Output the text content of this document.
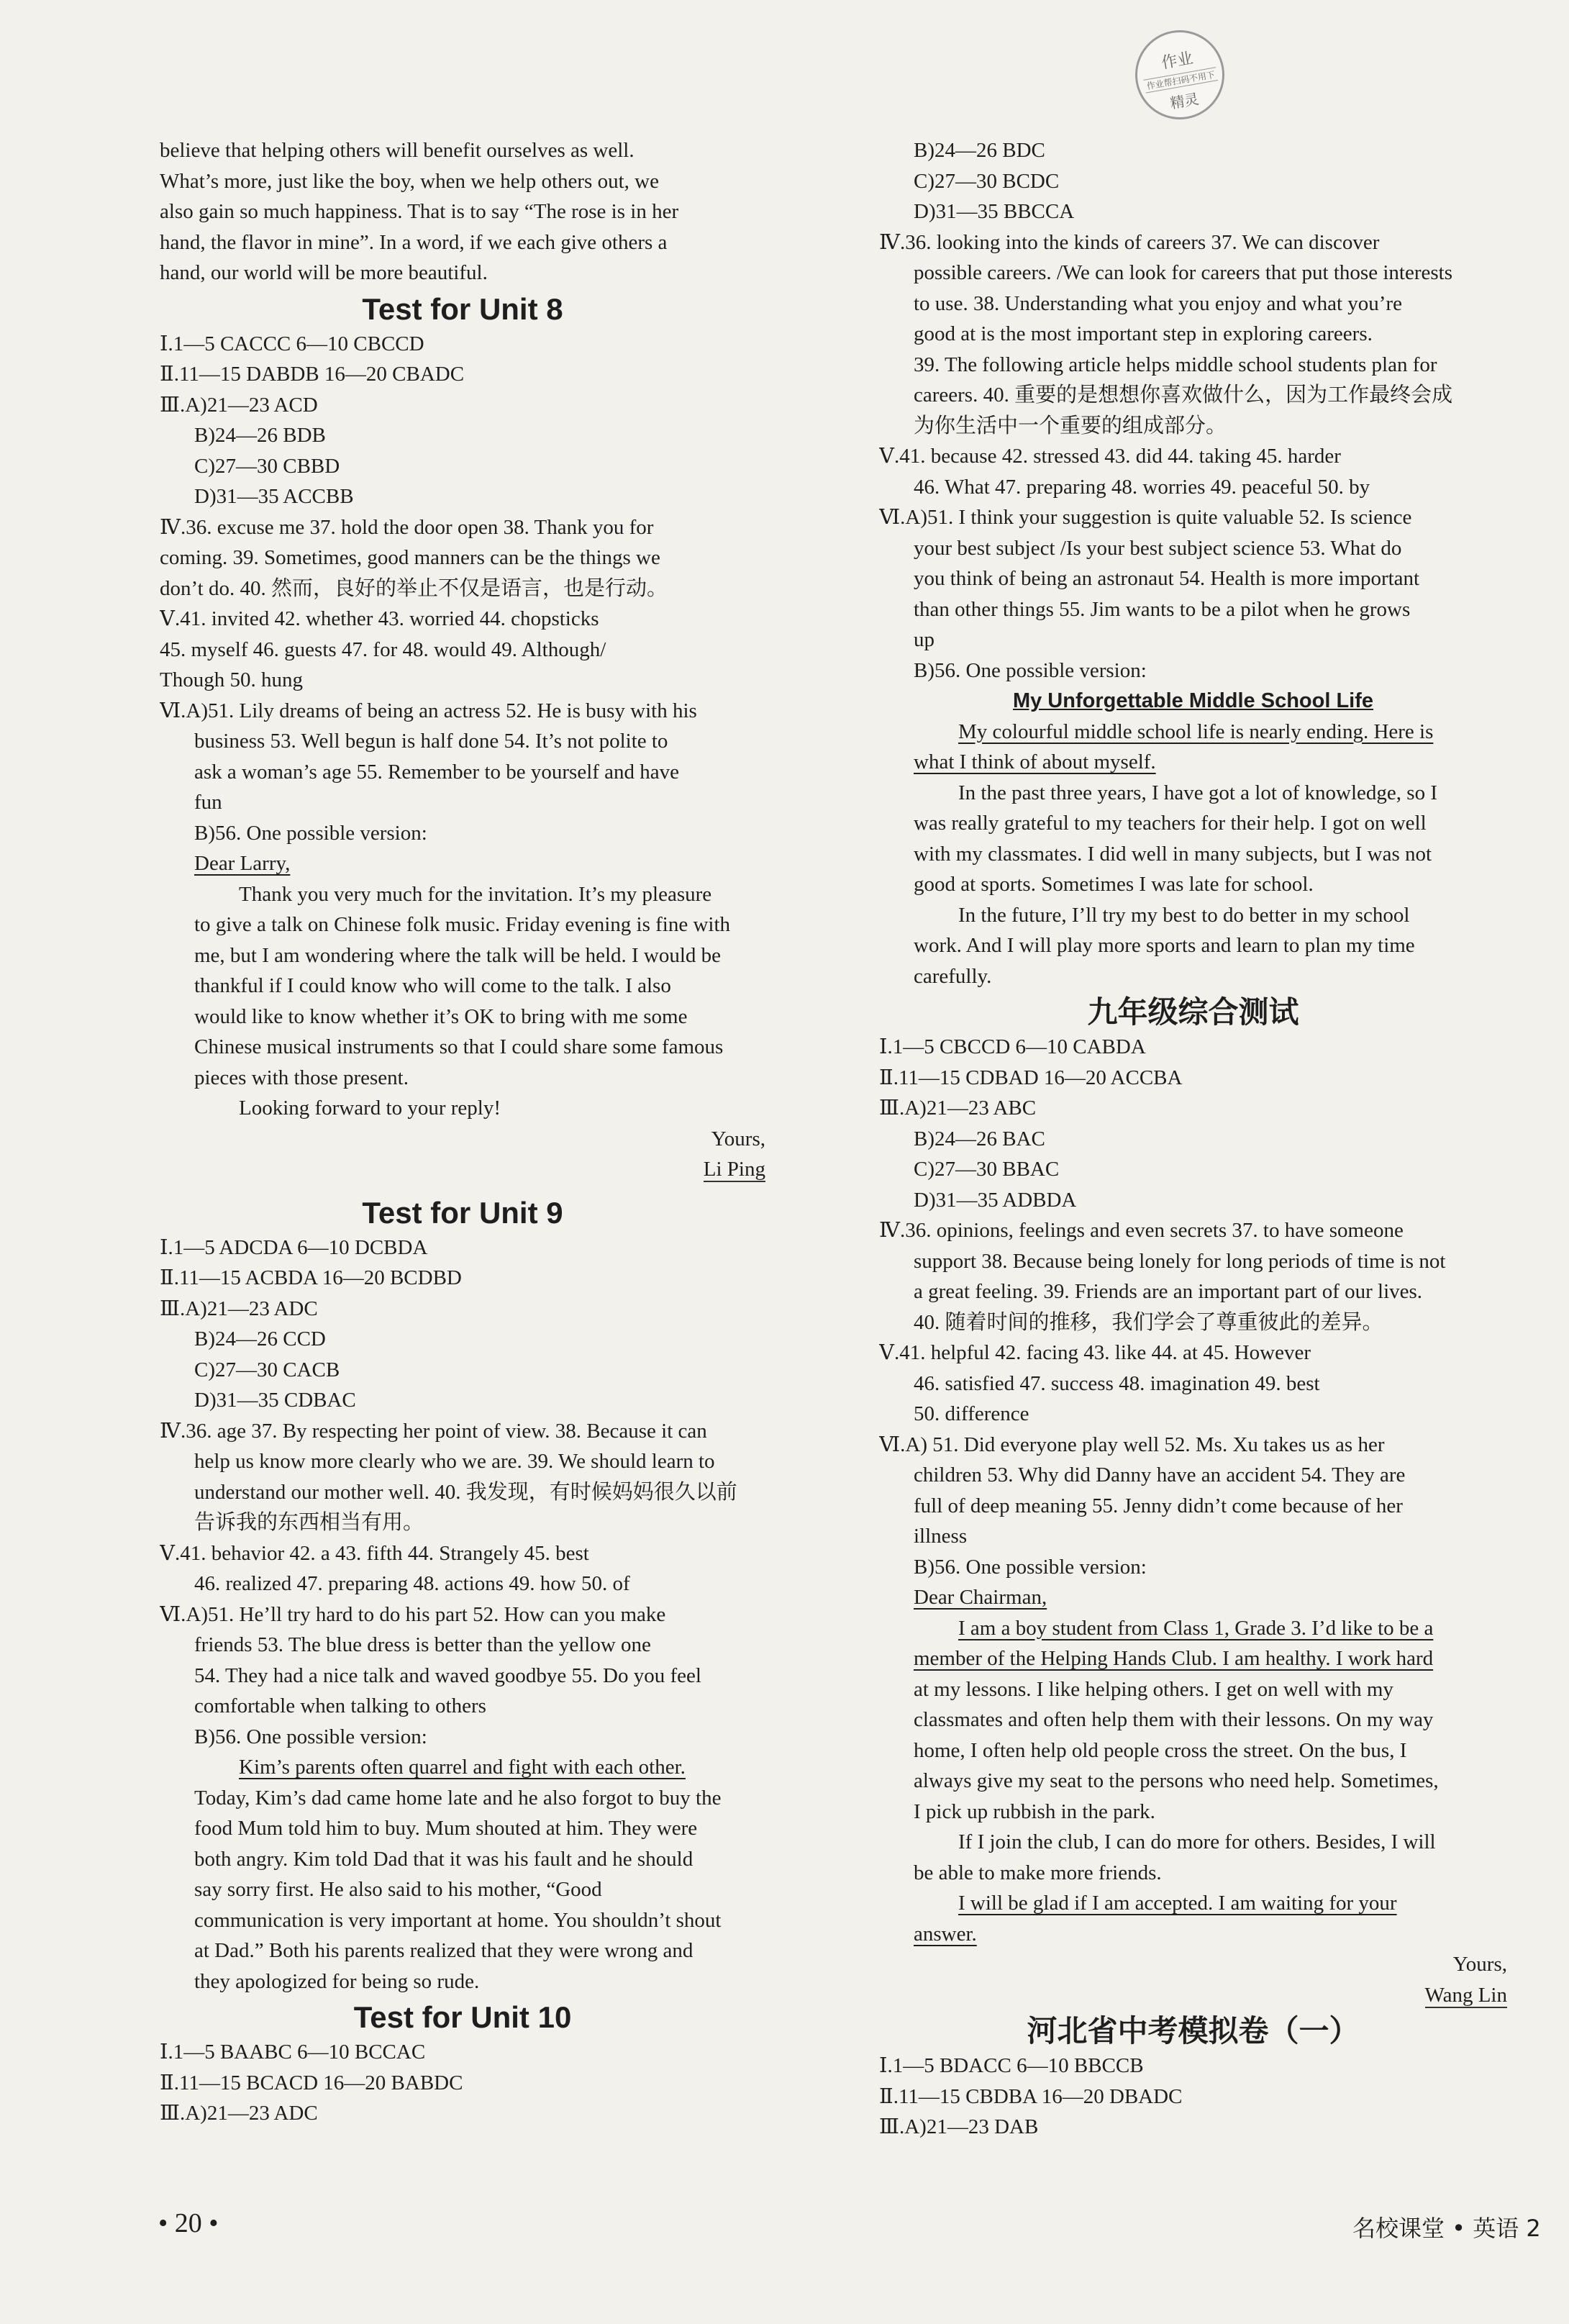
作业
作业帮扫码不用下
精灵
believe that helping others will benefit ourselves as well.
What’s more, just like the boy, when we help others out, we
also gain so much happiness. That is to say “The rose is in her
hand, the flavor in mine”. In a word, if we each give others a
hand, our world will be more beautiful.
Test for Unit 8
Ⅰ.1—5 CACCC 6—10 CBCCD
Ⅱ.11—15 DABDB 16—20 CBADC
Ⅲ.A)21—23 ACD
B)24—26 BDB
C)27—30 CBBD
D)31—35 ACCBB
Ⅳ.36. excuse me 37. hold the door open 38. Thank you for
coming. 39. Sometimes, good manners can be the things we
don’t do. 40. 然而，良好的举止不仅是语言，也是行动。
Ⅴ.41. invited 42. whether 43. worried 44. chopsticks
45. myself 46. guests 47. for 48. would 49. Although/
Though 50. hung
Ⅵ.A)51. Lily dreams of being an actress 52. He is busy with his
business 53. Well begun is half done 54. It’s not polite to
ask a woman’s age 55. Remember to be yourself and have
fun
B)56. One possible version:
Dear Larry,
Thank you very much for the invitation. It’s my pleasure
to give a talk on Chinese folk music. Friday evening is fine with
me, but I am wondering where the talk will be held. I would be
thankful if I could know who will come to the talk. I also
would like to know whether it’s OK to bring with me some
Chinese musical instruments so that I could share some famous
pieces with those present.
Looking forward to your reply!
Yours,
Li Ping
Test for Unit 9
Ⅰ.1—5 ADCDA 6—10 DCBDA
Ⅱ.11—15 ACBDA 16—20 BCDBD
Ⅲ.A)21—23 ADC
B)24—26 CCD
C)27—30 CACB
D)31—35 CDBAC
Ⅳ.36. age 37. By respecting her point of view. 38. Because it can
help us know more clearly who we are. 39. We should learn to
understand our mother well. 40. 我发现，有时候妈妈很久以前
告诉我的东西相当有用。
Ⅴ.41. behavior 42. a 43. fifth 44. Strangely 45. best
46. realized 47. preparing 48. actions 49. how 50. of
Ⅵ.A)51. He’ll try hard to do his part 52. How can you make
friends 53. The blue dress is better than the yellow one
54. They had a nice talk and waved goodbye 55. Do you feel
comfortable when talking to others
B)56. One possible version:
Kim’s parents often quarrel and fight with each other.
Today, Kim’s dad came home late and he also forgot to buy the
food Mum told him to buy. Mum shouted at him. They were
both angry. Kim told Dad that it was his fault and he should
say sorry first. He also said to his mother, “Good
communication is very important at home. You shouldn’t shout
at Dad.” Both his parents realized that they were wrong and
they apologized for being so rude.
Test for Unit 10
Ⅰ.1—5 BAABC 6—10 BCCAC
Ⅱ.11—15 BCACD 16—20 BABDC
Ⅲ.A)21—23 ADC
B)24—26 BDC
C)27—30 BCDC
D)31—35 BBCCA
Ⅳ.36. looking into the kinds of careers 37. We can discover
possible careers. /We can look for careers that put those interests
to use. 38. Understanding what you enjoy and what you’re
good at is the most important step in exploring careers.
39. The following article helps middle school students plan for
careers. 40. 重要的是想想你喜欢做什么，因为工作最终会成
为你生活中一个重要的组成部分。
Ⅴ.41. because 42. stressed 43. did 44. taking 45. harder
46. What 47. preparing 48. worries 49. peaceful 50. by
Ⅵ.A)51. I think your suggestion is quite valuable 52. Is science
your best subject /Is your best subject science 53. What do
you think of being an astronaut 54. Health is more important
than other things 55. Jim wants to be a pilot when he grows
up
B)56. One possible version:
My Unforgettable Middle School Life
My colourful middle school life is nearly ending. Here is
what I think of about myself.
In the past three years, I have got a lot of knowledge, so I
was really grateful to my teachers for their help. I got on well
with my classmates. I did well in many subjects, but I was not
good at sports. Sometimes I was late for school.
In the future, I’ll try my best to do better in my school
work. And I will play more sports and learn to plan my time
carefully.
九年级综合测试
Ⅰ.1—5 CBCCD 6—10 CABDA
Ⅱ.11—15 CDBAD 16—20 ACCBA
Ⅲ.A)21—23 ABC
B)24—26 BAC
C)27—30 BBAC
D)31—35 ADBDA
Ⅳ.36. opinions, feelings and even secrets 37. to have someone
support 38. Because being lonely for long periods of time is not
a great feeling. 39. Friends are an important part of our lives.
40. 随着时间的推移，我们学会了尊重彼此的差异。
Ⅴ.41. helpful 42. facing 43. like 44. at 45. However
46. satisfied 47. success 48. imagination 49. best
50. difference
Ⅵ.A) 51. Did everyone play well 52. Ms. Xu takes us as her
children 53. Why did Danny have an accident 54. They are
full of deep meaning 55. Jenny didn’t come because of her
illness
B)56. One possible version:
Dear Chairman,
I am a boy student from Class 1, Grade 3. I’d like to be a
member of the Helping Hands Club. I am healthy. I work hard
at my lessons. I like helping others. I get on well with my
classmates and often help them with their lessons. On my way
home, I often help old people cross the street. On the bus, I
always give my seat to the persons who need help. Sometimes,
I pick up rubbish in the park.
If I join the club, I can do more for others. Besides, I will
be able to make more friends.
I will be glad if I am accepted. I am waiting for your
answer.
Yours,
Wang Lin
河北省中考模拟卷（一）
Ⅰ.1—5 BDACC 6—10 BBCCB
Ⅱ.11—15 CBDBA 16—20 DBADC
Ⅲ.A)21—23 DAB
• 20 •	名校课堂 • 英语 2
